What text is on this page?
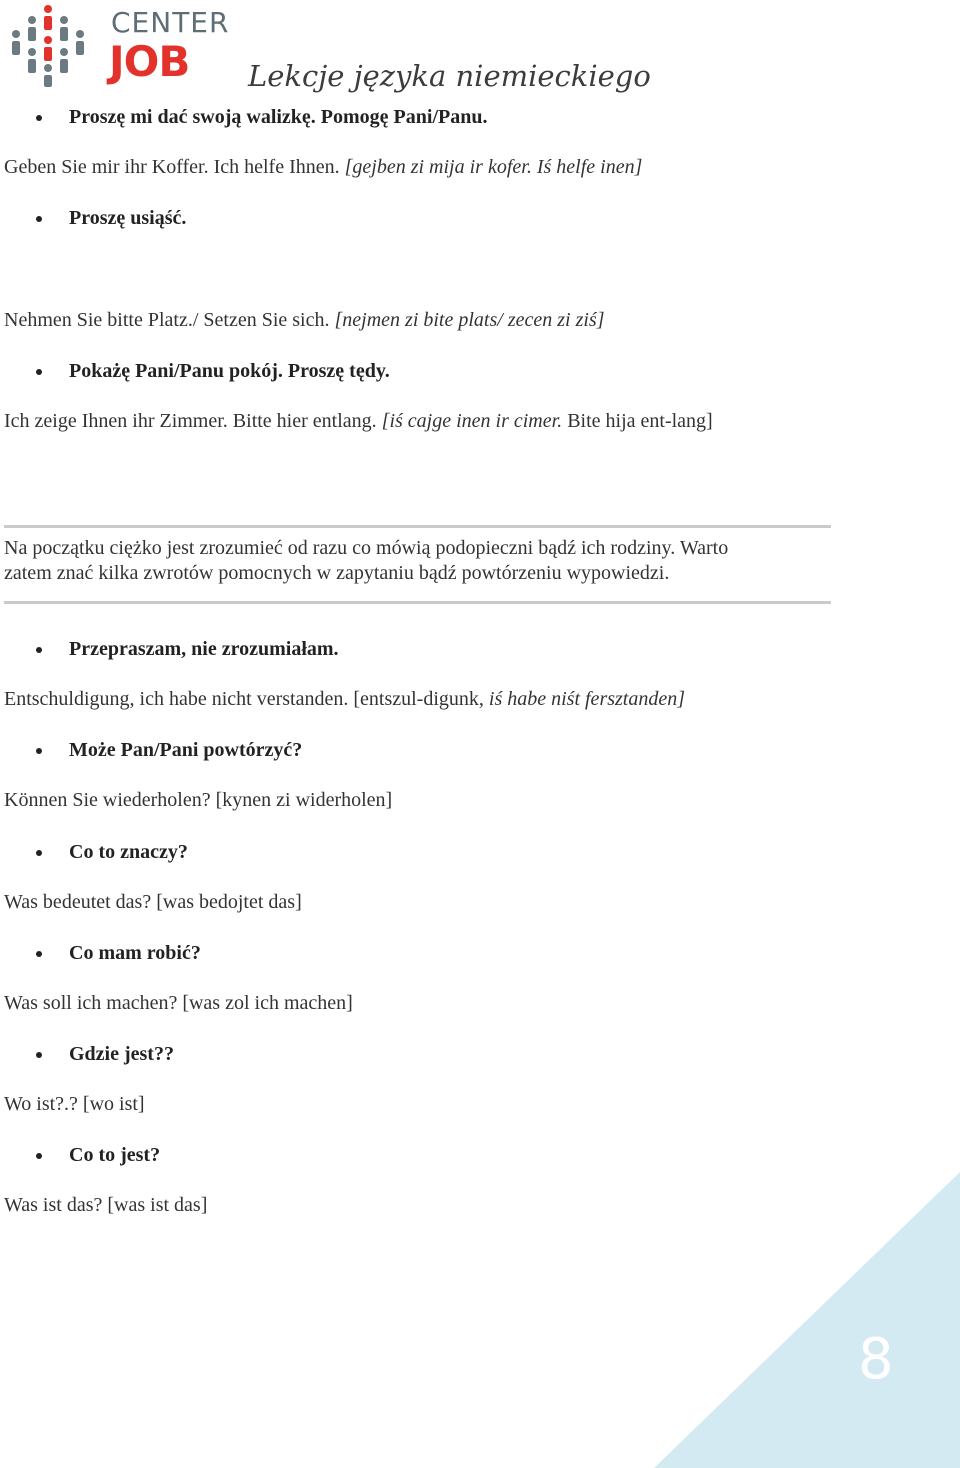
8
CENTER
JOB Lekcje języka niemieckiego
Proszę mi dać swoją walizkę. Pomogę Pani/Panu.
Geben Sie mir ihr Koffer. Ich helfe Ihnen. [gejben zi mija ir kofer. Iś helfe inen]
Proszę usiąść.
Nehmen Sie bitte Platz./ Setzen Sie sich. [nejmen zi bite plats/ zecen zi ziś]
Pokażę Pani/Panu pokój. Proszę tędy.
Ich zeige Ihnen ihr Zimmer. Bitte hier entlang. [iś cajge inen ir cimer. Bite hija ent-lang]
Na początku ciężko jest zrozumieć od razu co mówią podopieczni bądź ich rodziny. Warto
zatem znać kilka zwrotów pomocnych w zapytaniu bądź powtórzeniu wypowiedzi.
Przepraszam, nie zrozumiałam.
Entschuldigung, ich habe nicht verstanden. [entszul-digunk, iś habe niśt fersztanden]
Może Pan/Pani powtórzyć?
Können Sie wiederholen? [kynen zi widerholen]
Co to znaczy?
Was bedeutet das? [was bedojtet das]
Co mam robić?
Was soll ich machen? [was zol ich machen]
Gdzie jest??
Wo ist?.? [wo ist]
Co to jest?
Was ist das? [was ist das]
